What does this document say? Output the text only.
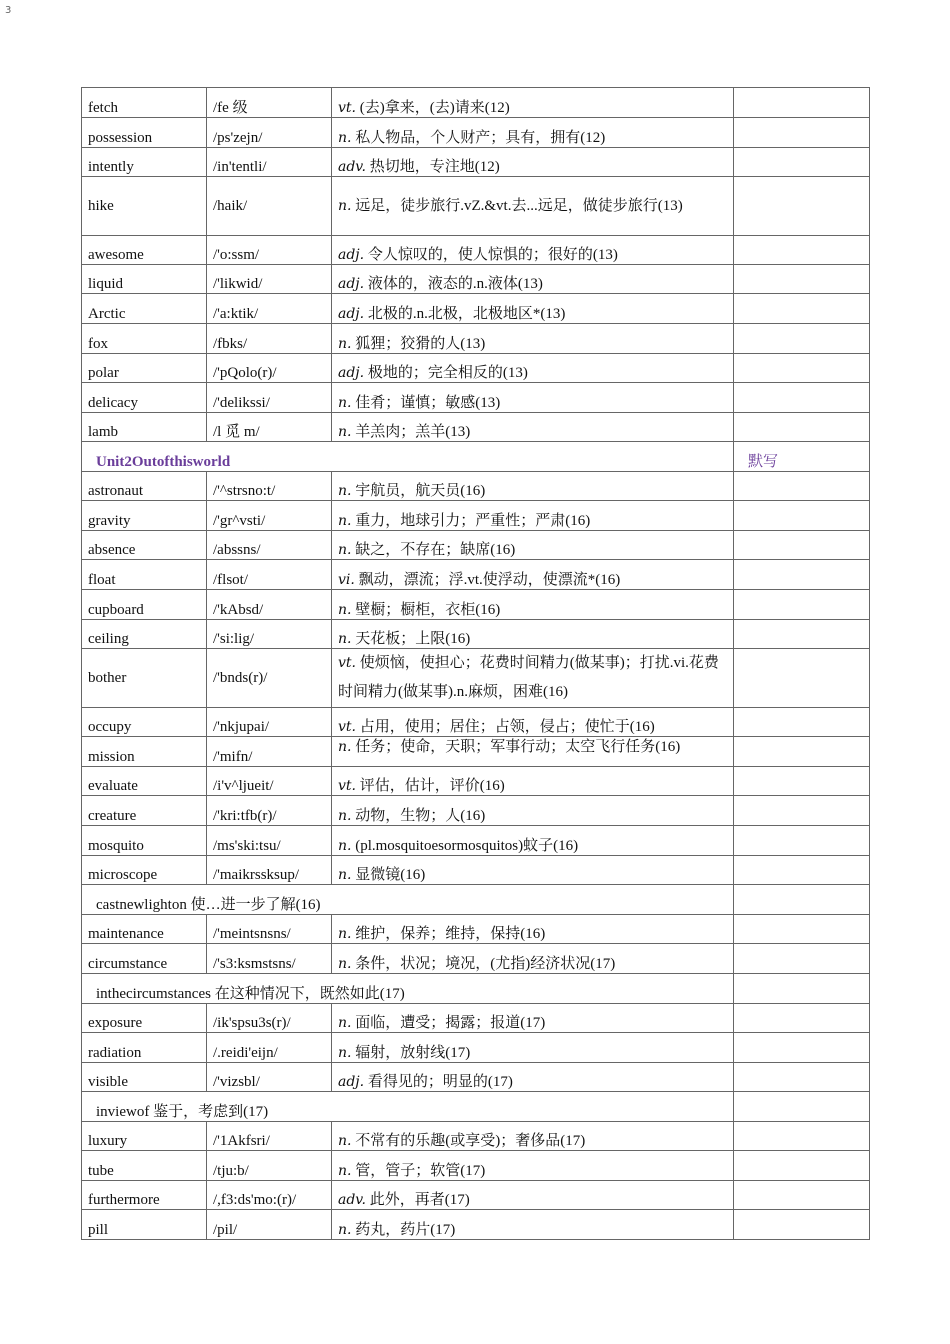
3
fetch	/fe 级	vt. (去)拿来，(去)请来(12)	
possession	/ps'zejn/	n. 私人物品，个人财产；具有，拥有(12)	
intently	/in'tentli/	adv. 热切地，专注地(12)	
hike	/haik/	n. 远足，徒步旅行.vZ.&vt.去...远足，做徒步旅行(13)	
awesome	/'o:ssm/	adj. 令人惊叹的，使人惊惧的；很好的(13)	
liquid	/'likwid/	adj. 液体的，液态的.n.液体(13)	
Arctic	/'a:ktik/	adj. 北极的.n.北极，北极地区*(13)	
fox	/fbks/	n. 狐狸；狡猾的人(13)	
polar	/'pQolo(r)/	adj. 极地的；完全相反的(13)	
delicacy	/'delikssi/	n. 佳肴；谨慎；敏感(13)	
lamb	/l 觅 m/	n. 羊羔肉；羔羊(13)	
Unit2Outofthisworld			默写
astronaut	/'^strsno:t/	n. 宇航员，航天员(16)	
gravity	/'gr^vsti/	n. 重力，地球引力；严重性；严肃(16)	
absence	/abssns/	n. 缺之，不存在；缺席(16)	
float	/flsot/	vi. 飘动，漂流；浮.vt.使浮动，使漂流*(16)	
cupboard	/'kAbsd/	n. 壁橱；橱柜，衣柜(16)	
ceiling	/'si:lig/	n. 天花板；上限(16)	
bother	/'bnds(r)/	vt. 使烦恼，使担心；花费时间精力(做某事)；打扰.vi.花费时间精力(做某事).n.麻烦，困难(16)	
occupy	/'nkjupai/	vt. 占用，使用；居住；占领，侵占；使忙于(16)	
mission	/'mifn/	n. 任务；使命，天职；军事行动；太空飞行任务(16)	
evaluate	/i'v^ljueit/	vt. 评估，估计，评价(16)	
creature	/'kri:tfb(r)/	n. 动物，生物；人(16)	
mosquito	/ms'ski:tsu/	n. (pl.mosquitoesormosquitos)蚊子(16)	
microscope	/'maikrssksup/	n. 显微镜(16)	
castnewlighton 使…进一步了解(16)			
maintenance	/'meintsnsns/	n. 维护，保养；维持，保持(16)	
circumstance	/'s3:ksmstsns/	n. 条件，状况；境况，(尤指)经济状况(17)	
inthecircumstances 在这种情况下，既然如此(17)			
exposure	/ik'spsu3s(r)/	n. 面临，遭受；揭露；报道(17)	
radiation	/.reidi'eijn/	n. 辐射，放射线(17)	
visible	/'vizsbl/	adj. 看得见的；明显的(17)	
inviewof 鉴于，考虑到(17)			
luxury	/'1Akfsri/	n. 不常有的乐趣(或享受)；奢侈品(17)	
tube	/tju:b/	n. 管，管子；软管(17)	
furthermore	/,f3:ds'mo:(r)/	adv. 此外，再者(17)	
pill	/pil/	n. 药丸，药片(17)	
